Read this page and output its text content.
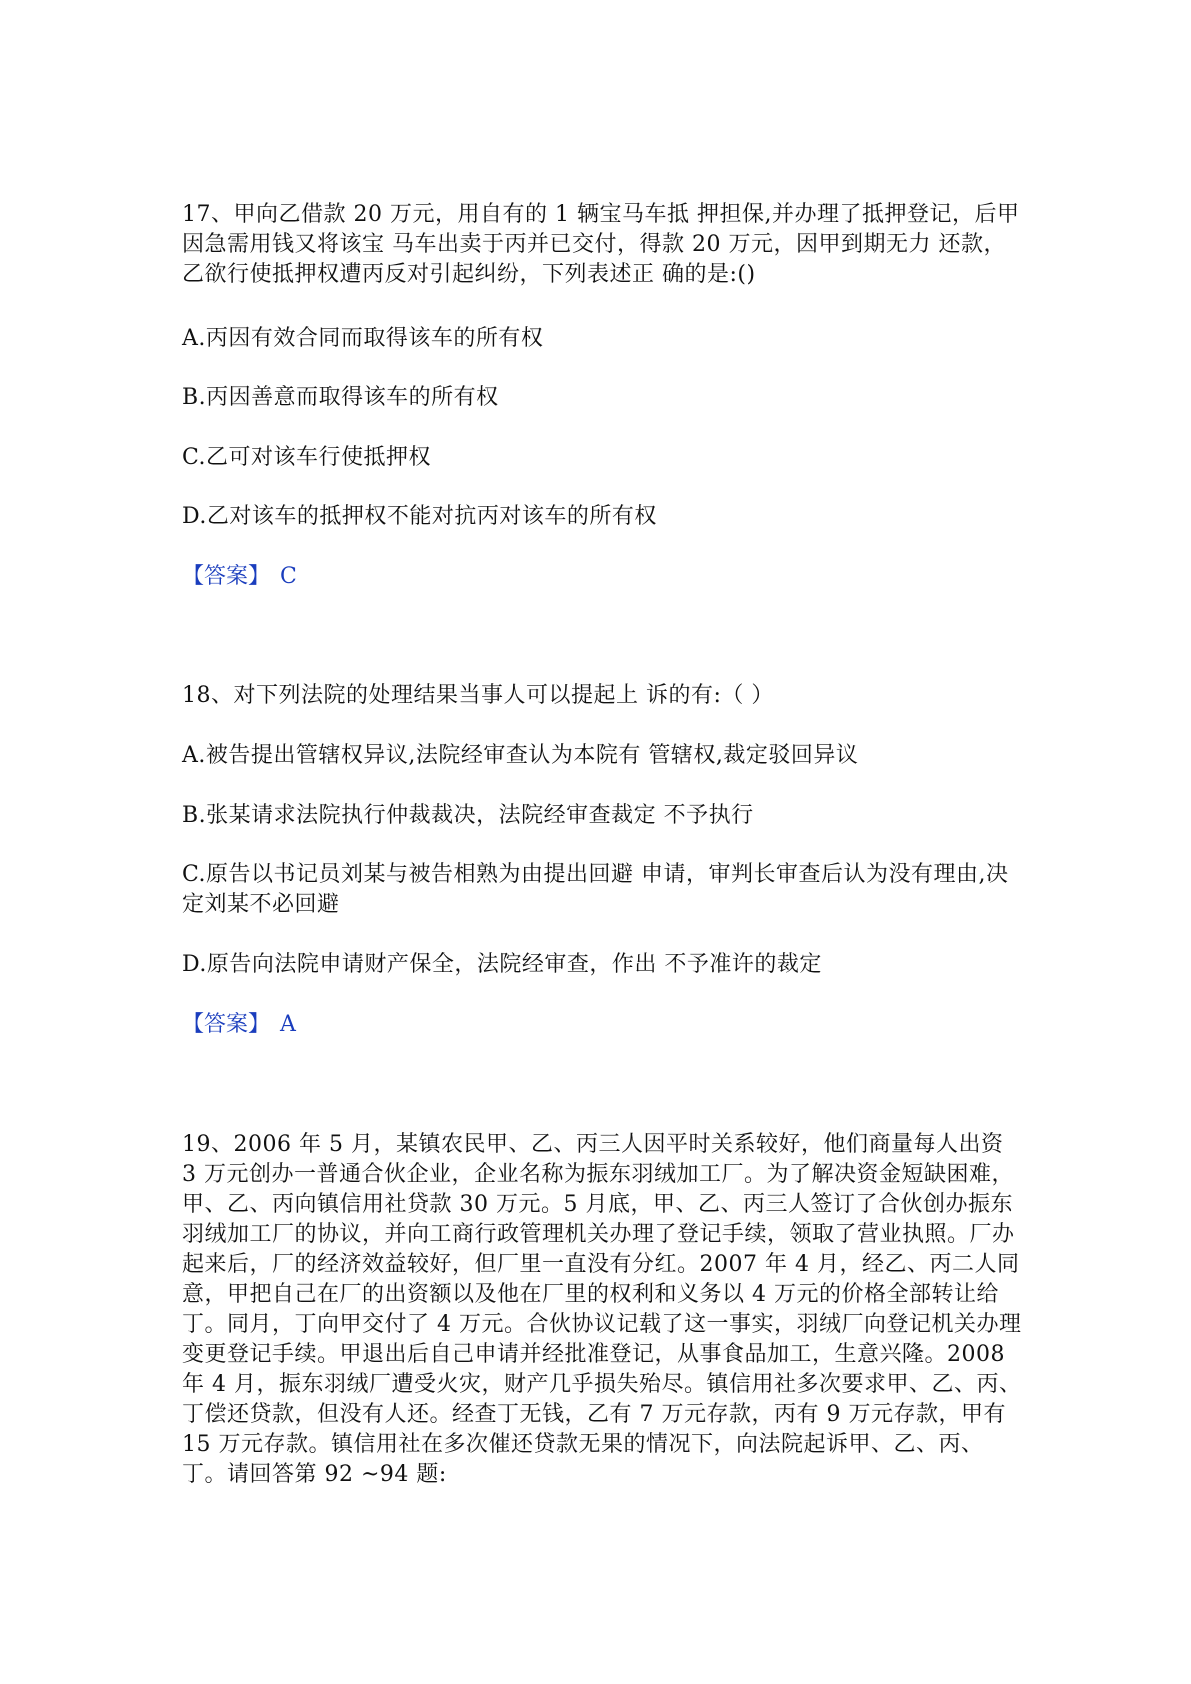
17、甲向乙借款 20 万元，用自有的 1 辆宝马车抵 押担保,并办理了抵押登记，后甲因急需用钱又将该宝 马车出卖于丙并已交付，得款 20 万元，因甲到期无力 还款，乙欲行使抵押权遭丙反对引起纠纷，下列表述正 确的是:()

A.丙因有效合同而取得该车的所有权

B.丙因善意而取得该车的所有权

C.乙可对该车行使抵押权

D.乙对该车的抵押权不能对抗丙对该车的所有权

【答案】 C

18、对下列法院的处理结果当事人可以提起上 诉的有:（ ）

A.被告提出管辖权异议,法院经审查认为本院有 管辖权,裁定驳回异议

B.张某请求法院执行仲裁裁决，法院经审查裁定 不予执行

C.原告以书记员刘某与被告相熟为由提出回避 申请，审判长审查后认为没有理由,决定刘某不必回避

D.原告向法院申请财产保全，法院经审查，作出 不予准许的裁定

【答案】 A

19、2006 年 5 月，某镇农民甲、乙、丙三人因平时关系较好，他们商量每人出资 3 万元创办一普通合伙企业，企业名称为振东羽绒加工厂。为了解决资金短缺困难，甲、乙、丙向镇信用社贷款 30 万元。5 月底，甲、乙、丙三人签订了合伙创办振东羽绒加工厂的协议，并向工商行政管理机关办理了登记手续，领取了营业执照。厂办起来后，厂的经济效益较好，但厂里一直没有分红。2007 年 4 月，经乙、丙二人同意，甲把自己在厂的出资额以及他在厂里的权利和义务以 4 万元的价格全部转让给丁。同月，丁向甲交付了 4 万元。合伙协议记载了这一事实，羽绒厂向登记机关办理变更登记手续。甲退出后自己申请并经批准登记，从事食品加工，生意兴隆。2008 年 4 月，振东羽绒厂遭受火灾，财产几乎损失殆尽。镇信用社多次要求甲、乙、丙、丁偿还贷款，但没有人还。经查丁无钱，乙有 7 万元存款，丙有 9 万元存款，甲有 15 万元存款。镇信用社在多次催还贷款无果的情况下，向法院起诉甲、乙、丙、丁。请回答第 92 ~94 题:
